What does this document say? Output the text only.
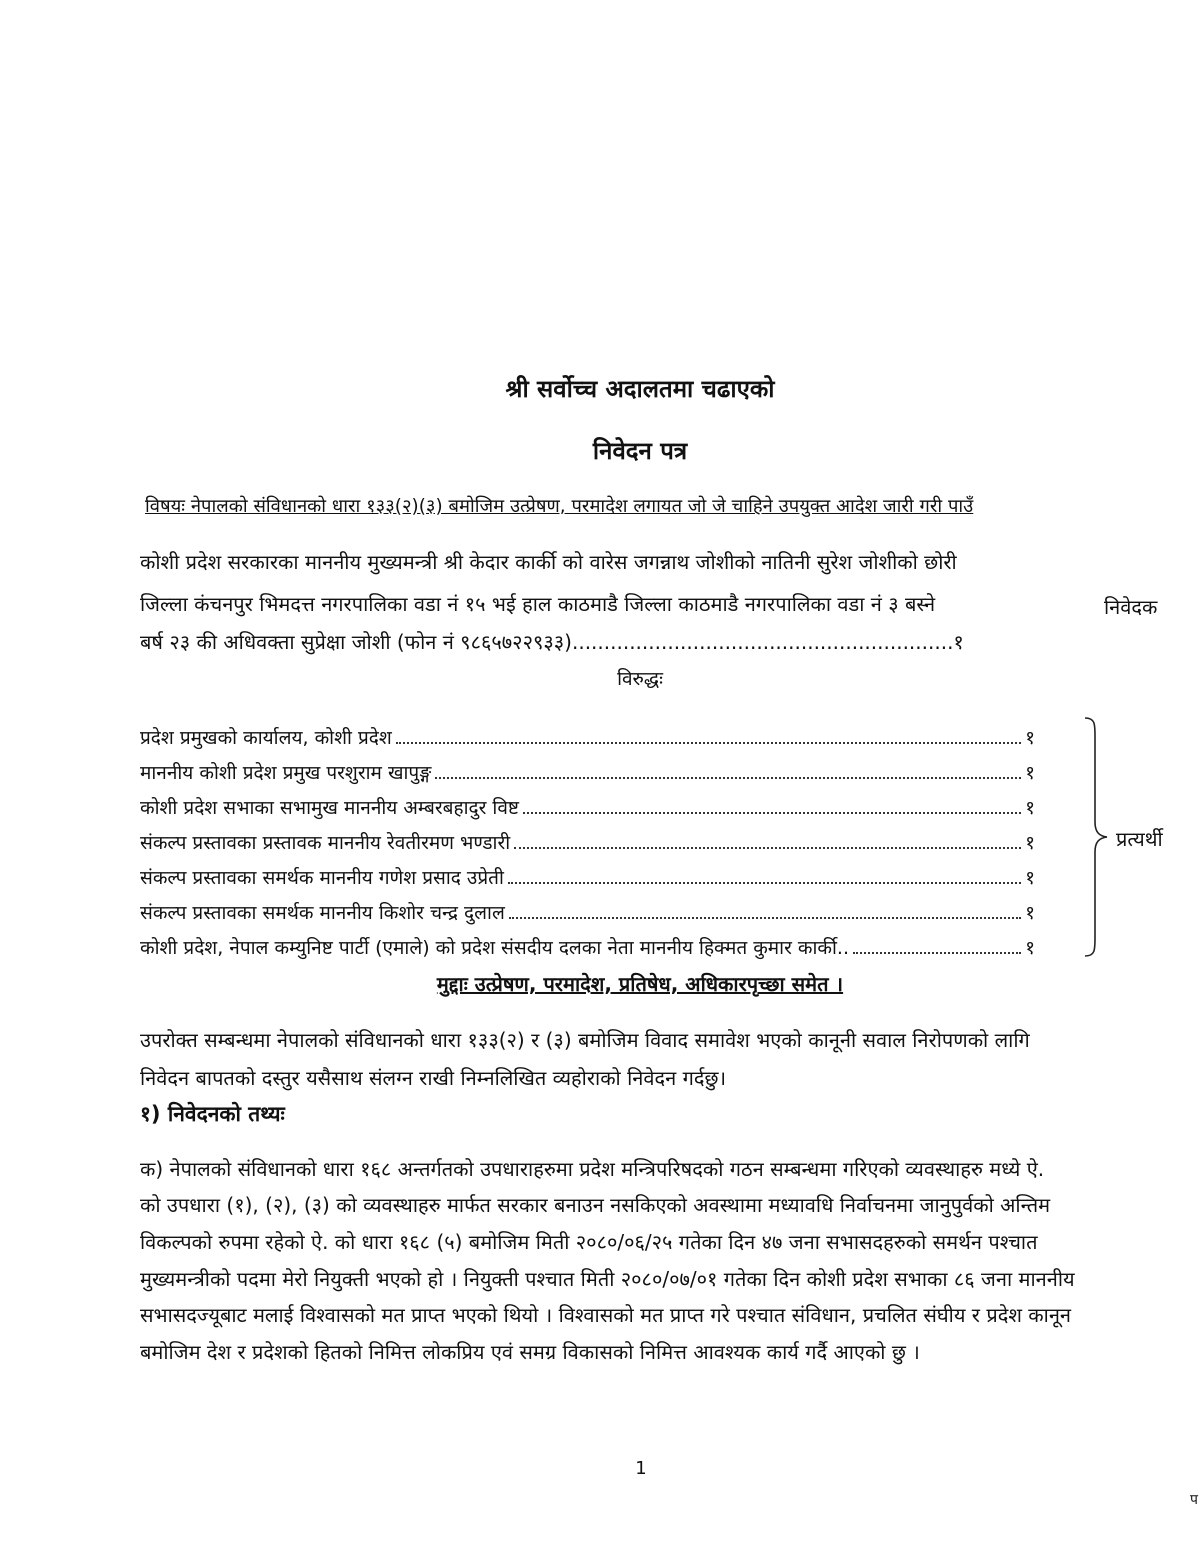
श्री सर्वोच्च अदालतमा चढाएको
निवेदन पत्र
विषयः नेपालको संविधानको धारा १३३(२)(३) बमोजिम उत्प्रेषण, परमादेश लगायत जो जे चाहिने उपयुक्त आदेश जारी गरी पाउँ
कोशी प्रदेश सरकारका माननीय मुख्यमन्त्री श्री केदार कार्की को वारेस जगन्नाथ जोशीको नातिनी सुरेश जोशीको छोरी
जिल्ला कंचनपुर भिमदत्त नगरपालिका वडा नं १५ भई हाल काठमाडै जिल्ला काठमाडै नगरपालिका वडा नं ३ बस्ने
बर्ष २३ की अधिवक्ता सुप्रेक्षा जोशी (फोन नं ९८६५७२२९३३)............................................................१
निवेदक
विरुद्धः
प्रदेश प्रमुखको कार्यालय, कोशी प्रदेश	१
माननीय कोशी प्रदेश प्रमुख परशुराम खापुङ्ग	१
कोशी प्रदेश सभाका सभामुख माननीय अम्बरबहादुर विष्ट	१
संकल्प प्रस्तावका प्रस्तावक माननीय रेवतीरमण भण्डारी	१
संकल्प प्रस्तावका समर्थक माननीय गणेश प्रसाद उप्रेती	१
संकल्प प्रस्तावका समर्थक माननीय किशोर चन्द्र दुलाल	१
कोशी प्रदेश, नेपाल कम्युनिष्ट पार्टी (एमाले) को प्रदेश संसदीय दलका नेता माननीय हिक्मत कुमार कार्की..	१
प्रत्यर्थी
मुद्दाः उत्प्रेषण, परमादेश, प्रतिषेध, अधिकारपृच्छा समेत ।
उपरोक्त सम्बन्धमा नेपालको संविधानको धारा १३३(२) र (३) बमोजिम विवाद समावेश भएको कानूनी सवाल निरोपणको लागि
निवेदन बापतको दस्तुर यसैसाथ संलग्न राखी निम्नलिखित व्यहोराको निवेदन गर्दछु।
१) निवेदनको तथ्यः
क) नेपालको संविधानको धारा १६८ अन्तर्गतको उपधाराहरुमा प्रदेश मन्त्रिपरिषदको गठन सम्बन्धमा गरिएको व्यवस्थाहरु मध्ये ऐ.
को उपधारा (१), (२), (३) को व्यवस्थाहरु मार्फत सरकार बनाउन नसकिएको अवस्थामा मध्यावधि निर्वाचनमा जानुपुर्वको अन्तिम
विकल्पको रुपमा रहेको ऐ. को धारा १६८ (५) बमोजिम मिती २०८०/०६/२५ गतेका दिन ४७ जना सभासदहरुको समर्थन पश्चात
मुख्यमन्त्रीको पदमा मेरो नियुक्ती भएको हो । नियुक्ती पश्चात मिती २०८०/०७/०१ गतेका दिन कोशी प्रदेश सभाका ८६ जना माननीय
सभासदज्यूबाट मलाई विश्वासको मत प्राप्त भएको थियो । विश्वासको मत प्राप्त गरे पश्चात संविधान, प्रचलित संघीय र प्रदेश कानून
बमोजिम देश र प्रदेशको हितको निमित्त लोकप्रिय एवं समग्र विकासको निमित्त आवश्यक कार्य गर्दै आएको छु ।
1
प
